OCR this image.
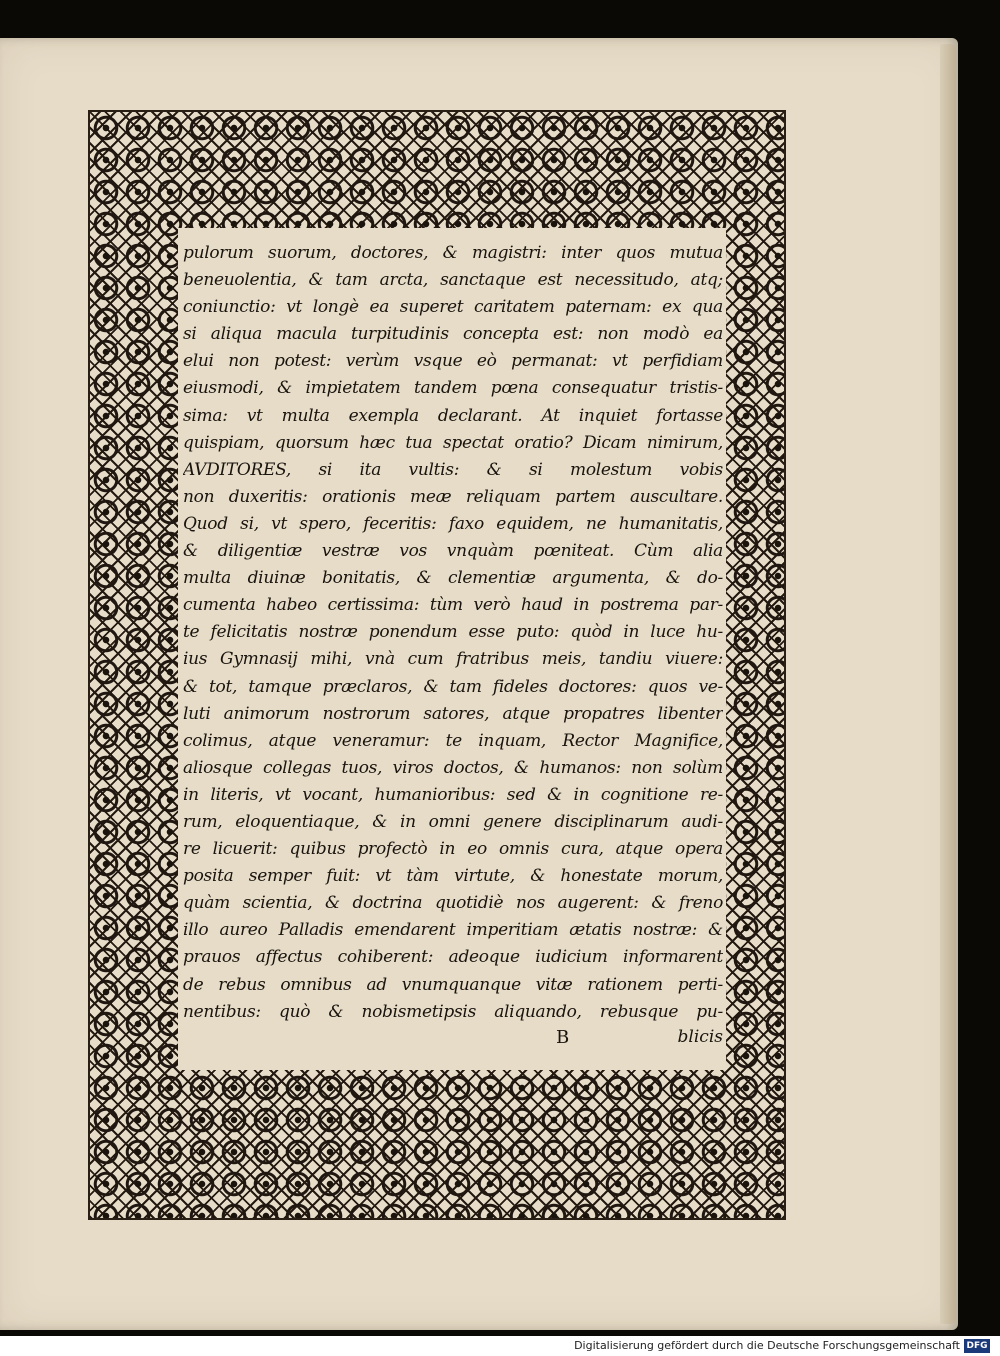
pulorum suorum, doctores, & magistri: inter quos mutua
beneuolentia, & tam arcta, sanctaque est necessitudo, atq;
coniunctio: vt longè ea superet caritatem paternam: ex qua
si aliqua macula turpitudinis concepta est: non modò ea
elui non potest: verùm vsque eò permanat: vt perfidiam
eiusmodi, & impietatem tandem pœna consequatur tristis-
sima: vt multa exempla declarant. At inquiet fortasse
quispiam, quorsum hæc tua spectat oratio? Dicam nimirum,
AVDITORES, si ita vultis: & si molestum vobis
non duxeritis: orationis meæ reliquam partem auscultare.
Quod si, vt spero, feceritis: faxo equidem, ne humanitatis,
& diligentiæ vestræ vos vnquàm pœniteat. Cùm alia
multa diuinæ bonitatis, & clementiæ argumenta, & do-
cumenta habeo certissima: tùm verò haud in postrema par-
te felicitatis nostræ ponendum esse puto: quòd in luce hu-
ius Gymnasij mihi, vnà cum fratribus meis, tandiu viuere:
& tot, tamque præclaros, & tam fideles doctores: quos ve-
luti animorum nostrorum satores, atque propatres libenter
colimus, atque veneramur: te inquam, Rector Magnifice,
aliosque collegas tuos, viros doctos, & humanos: non solùm
in literis, vt vocant, humanioribus: sed & in cognitione re-
rum, eloquentiaque, & in omni genere disciplinarum audi-
re licuerit: quibus profectò in eo omnis cura, atque opera
posita semper fuit: vt tàm virtute, & honestate morum,
quàm scientia, & doctrina quotidiè nos augerent: & freno
illo aureo Palladis emendarent imperitiam ætatis nostræ: &
prauos affectus cohiberent: adeoque iudicium informarent
de rebus omnibus ad vnumquanque vitæ rationem perti-
nentibus: quò & nobismetipsis aliquando, rebusque pu-
B	blicis
Digitalisierung gefördert durch die Deutsche Forschungsgemeinschaft DFG
